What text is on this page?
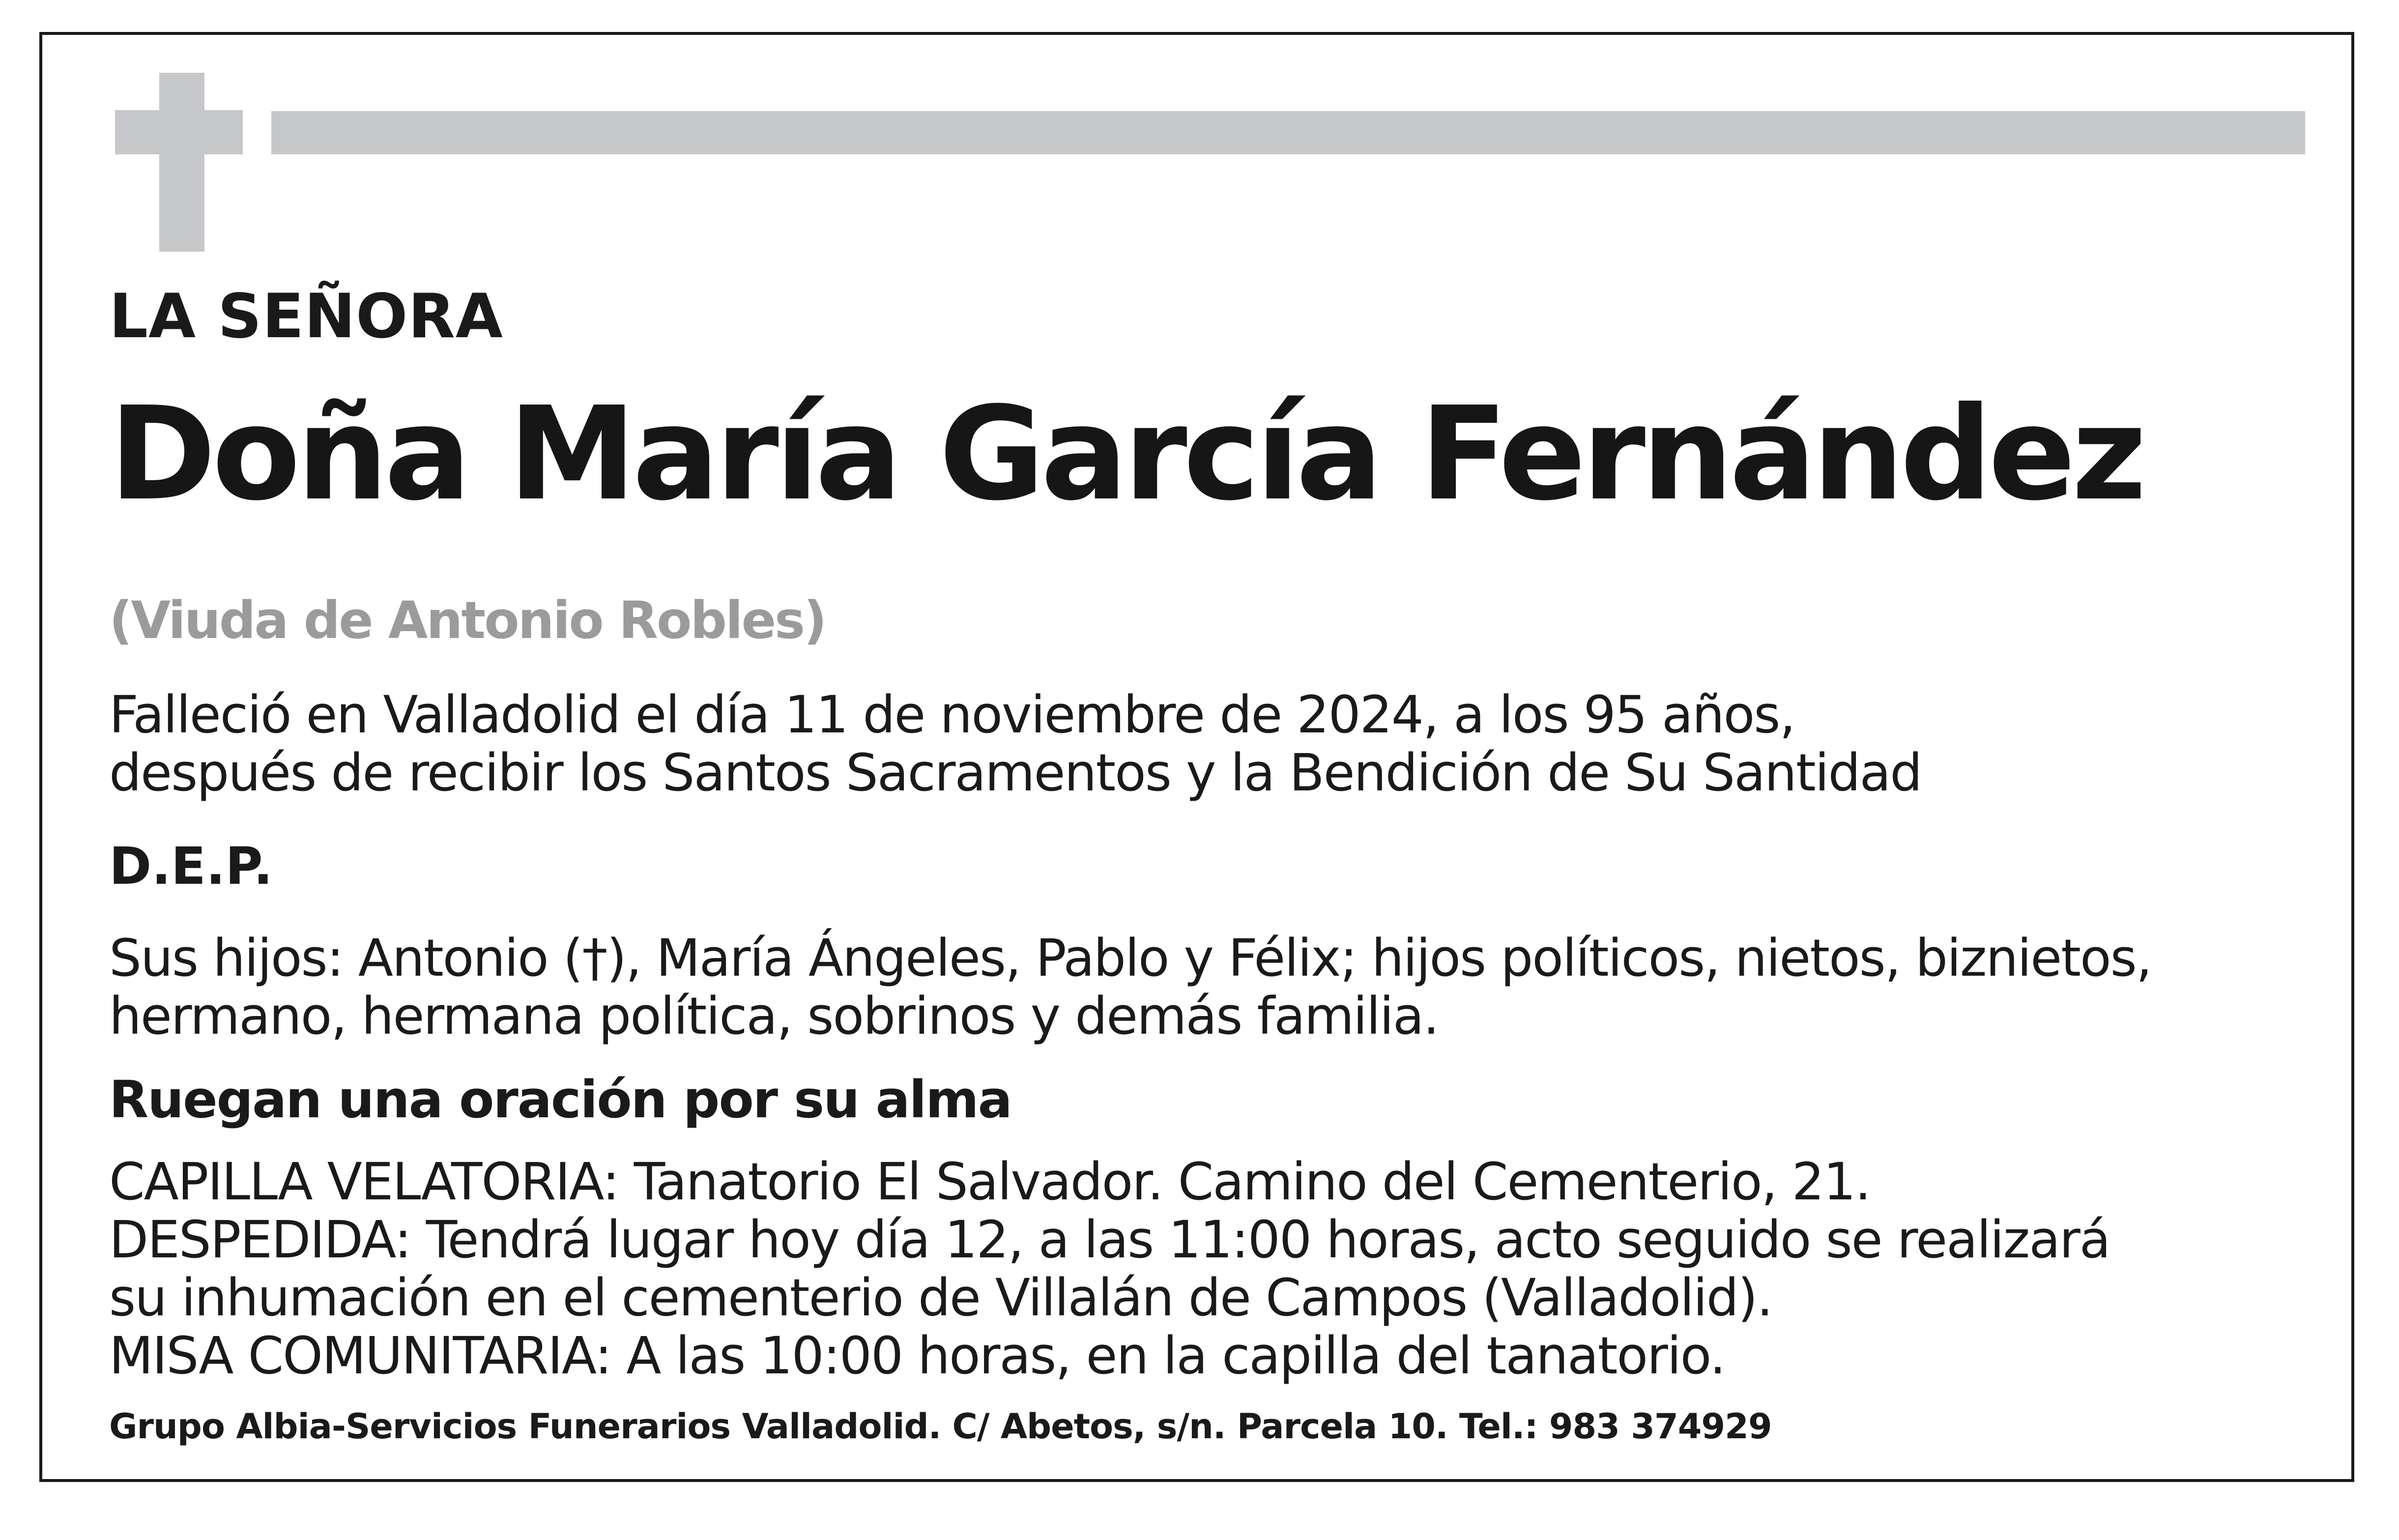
LA SEÑORA
Doña María García Fernández

(Viuda de Antonio Robles)

Falleció en Valladolid el día 11 de noviembre de 2024, a los 95 años,
después de recibir los Santos Sacramentos y la Bendición de Su Santidad

D.E.P.

Sus hijos: Antonio (†), María Ángeles, Pablo y Félix; hijos políticos, nietos, biznietos,
hermano, hermana política, sobrinos y demás familia.

Ruegan una oración por su alma

CAPILLA VELATORIA: Tanatorio El Salvador. Camino del Cementerio, 21.
DESPEDIDA: Tendrá lugar hoy día 12, a las 11:00 horas, acto seguido se realizará
su inhumación en el cementerio de Villalán de Campos (Valladolid).
MISA COMUNITARIA: A las 10:00 horas, en la capilla del tanatorio.

Grupo Albia-Servicios Funerarios Valladolid. C/ Abetos, s/n. Parcela 10. Tel.: 983 374929
